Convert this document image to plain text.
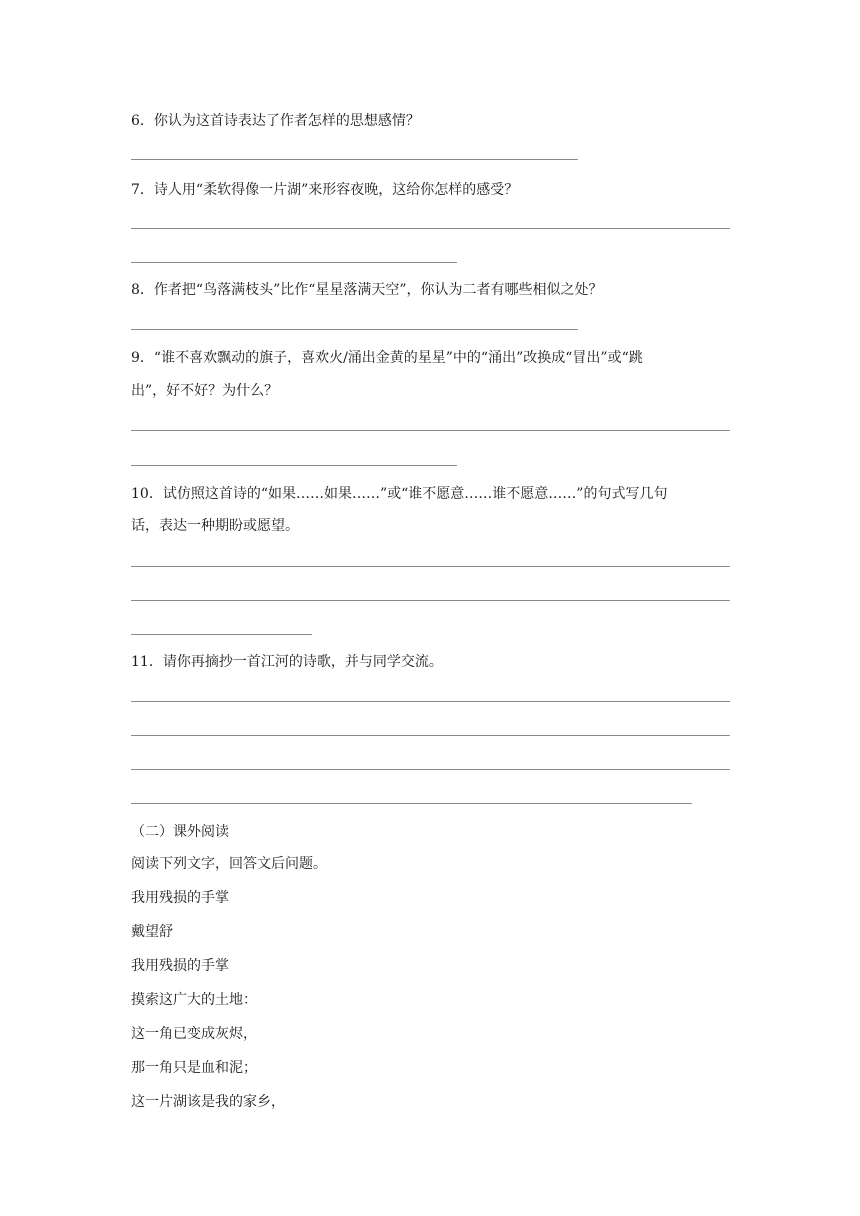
6．你认为这首诗表达了作者怎样的思想感情？
7．诗人用“柔软得像一片湖”来形容夜晚，这给你怎样的感受？
8．作者把“鸟落满枝头”比作“星星落满天空”，你认为二者有哪些相似之处？
9．“谁不喜欢飘动的旗子，喜欢火/涌出金黄的星星”中的“涌出”改换成“冒出”或“跳
出”，好不好？为什么？
10．试仿照这首诗的“如果……如果……”或“谁不愿意……谁不愿意……”的句式写几句
话，表达一种期盼或愿望。
11．请你再摘抄一首江河的诗歌，并与同学交流。
（二）课外阅读
阅读下列文字，回答文后问题。
我用残损的手掌
戴望舒
我用残损的手掌
摸索这广大的土地：
这一角已变成灰烬，
那一角只是血和泥；
这一片湖该是我的家乡，
